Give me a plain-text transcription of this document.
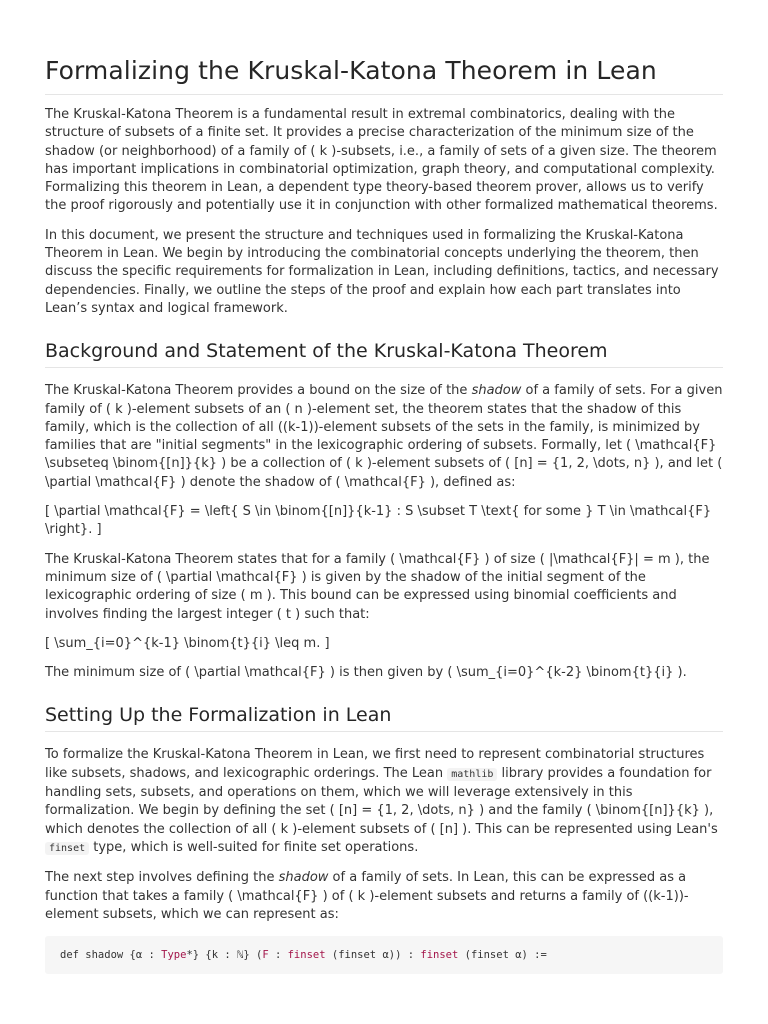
Formalizing the Kruskal-Katona Theorem in Lean

The Kruskal-Katona Theorem is a fundamental result in extremal combinatorics, dealing with the structure of subsets of a finite set. It provides a precise characterization of the minimum size of the shadow (or neighborhood) of a family of ( k )-subsets, i.e., a family of sets of a given size. The theorem has important implications in combinatorial optimization, graph theory, and computational complexity. Formalizing this theorem in Lean, a dependent type theory-based theorem prover, allows us to verify the proof rigorously and potentially use it in conjunction with other formalized mathematical theorems.

In this document, we present the structure and techniques used in formalizing the Kruskal-Katona Theorem in Lean. We begin by introducing the combinatorial concepts underlying the theorem, then discuss the specific requirements for formalization in Lean, including definitions, tactics, and necessary dependencies. Finally, we outline the steps of the proof and explain how each part translates into Lean’s syntax and logical framework.

Background and Statement of the Kruskal-Katona Theorem

The Kruskal-Katona Theorem provides a bound on the size of the shadow of a family of sets. For a given family of ( k )-element subsets of an ( n )-element set, the theorem states that the shadow of this family, which is the collection of all ((k-1))-element subsets of the sets in the family, is minimized by families that are "initial segments" in the lexicographic ordering of subsets. Formally, let ( \mathcal{F} \subseteq \binom{[n]}{k} ) be a collection of ( k )-element subsets of ( [n] = {1, 2, \dots, n} ), and let ( \partial \mathcal{F} ) denote the shadow of ( \mathcal{F} ), defined as:

[ \partial \mathcal{F} = \left{ S \in \binom{[n]}{k-1} : S \subset T \text{ for some } T \in \mathcal{F} \right}. ]

The Kruskal-Katona Theorem states that for a family ( \mathcal{F} ) of size ( |\mathcal{F}| = m ), the minimum size of ( \partial \mathcal{F} ) is given by the shadow of the initial segment of the lexicographic ordering of size ( m ). This bound can be expressed using binomial coefficients and involves finding the largest integer ( t ) such that:

[ \sum_{i=0}^{k-1} \binom{t}{i} \leq m. ]

The minimum size of ( \partial \mathcal{F} ) is then given by ( \sum_{i=0}^{k-2} \binom{t}{i} ).

Setting Up the Formalization in Lean

To formalize the Kruskal-Katona Theorem in Lean, we first need to represent combinatorial structures like subsets, shadows, and lexicographic orderings. The Lean mathlib library provides a foundation for handling sets, subsets, and operations on them, which we will leverage extensively in this formalization. We begin by defining the set ( [n] = {1, 2, \dots, n} ) and the family ( \binom{[n]}{k} ), which denotes the collection of all ( k )-element subsets of ( [n] ). This can be represented using Lean's finset type, which is well-suited for finite set operations.

The next step involves defining the shadow of a family of sets. In Lean, this can be expressed as a function that takes a family ( \mathcal{F} ) of ( k )-element subsets and returns a family of ((k-1))-element subsets, which we can represent as:

def shadow {α : Type*} {k : ℕ} (F : finset (finset α)) : finset (finset α) :=
